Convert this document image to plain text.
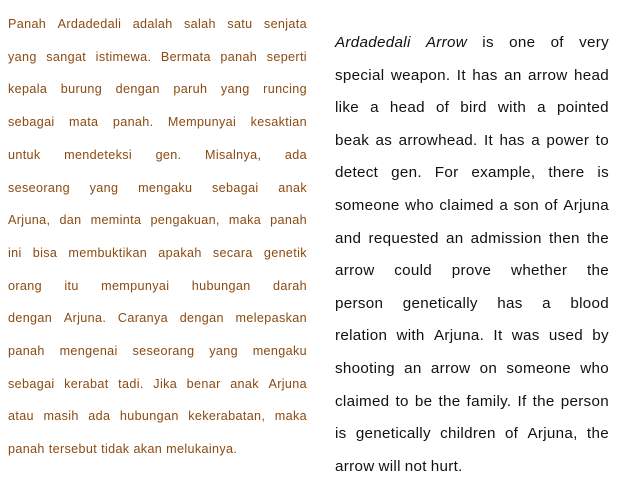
Panah Ardadedali adalah salah satu senjata
yang sangat istimewa. Bermata panah seperti
kepala burung dengan paruh yang runcing
sebagai mata panah. Mempunyai kesaktian
untuk mendeteksi gen. Misalnya, ada
seseorang yang mengaku sebagai anak
Arjuna, dan meminta pengakuan, maka panah
ini bisa membuktikan apakah secara genetik
orang itu mempunyai hubungan darah
dengan Arjuna. Caranya dengan melepaskan
panah mengenai seseorang yang mengaku
sebagai kerabat tadi. Jika benar anak Arjuna
atau masih ada hubungan kekerabatan, maka
panah tersebut tidak akan melukainya.
Ardadedali Arrow is one of very
special weapon. It has an arrow head
like a head of bird with a pointed
beak as arrowhead. It has a power to
detect gen. For example, there is
someone who claimed a son of Arjuna
and requested an admission then the
arrow could prove whether the
person genetically has a blood
relation with Arjuna. It was used by
shooting an arrow on someone who
claimed to be the family. If the person
is genetically children of Arjuna, the
arrow will not hurt.
